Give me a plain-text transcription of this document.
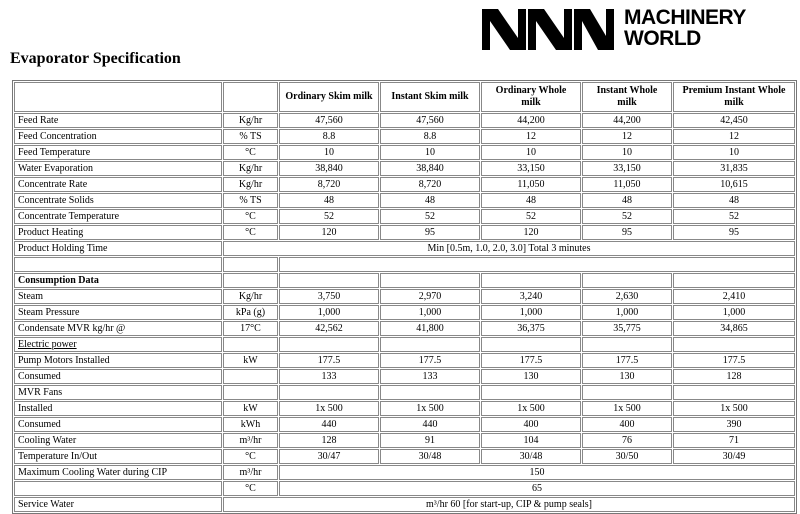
MACHINERY
WORLD
Evaporator Specification
		Ordinary Skim milk	Instant Skim milk	Ordinary Whole milk	Instant Whole milk	Premium Instant Whole milk
Feed Rate	Kg/hr	47,560	47,560	44,200	44,200	42,450
Feed Concentration	% TS	8.8	8.8	12	12	12
Feed Temperature	°C	10	10	10	10	10
Water Evaporation	Kg/hr	38,840	38,840	33,150	33,150	31,835
Concentrate Rate	Kg/hr	8,720	8,720	11,050	11,050	10,615
Concentrate Solids	% TS	48	48	48	48	48
Concentrate Temperature	°C	52	52	52	52	52
Product Heating	°C	120	95	120	95	95
Product Holding Time	Min [0.5m, 1.0, 2.0, 3.0] Total 3 minutes					

Consumption Data						
Steam	Kg/hr	3,750	2,970	3,240	2,630	2,410
Steam Pressure	kPa (g)	1,000	1,000	1,000	1,000	1,000
Condensate MVR kg/hr @	17°C	42,562	41,800	36,375	35,775	34,865
Electric power						
Pump Motors Installed	kW	177.5	177.5	177.5	177.5	177.5
Consumed		133	133	130	130	128
MVR Fans						
Installed	kW	1x 500	1x 500	1x 500	1x 500	1x 500
Consumed	kWh	440	440	400	400	390
Cooling Water	m³/hr	128	91	104	76	71
Temperature In/Out	°C	30/47	30/48	30/48	30/50	30/49
Maximum Cooling Water during CIP	m³/hr	150				
	°C	65				
Service Water	m³/hr 60 [for start-up, CIP & pump seals]					
